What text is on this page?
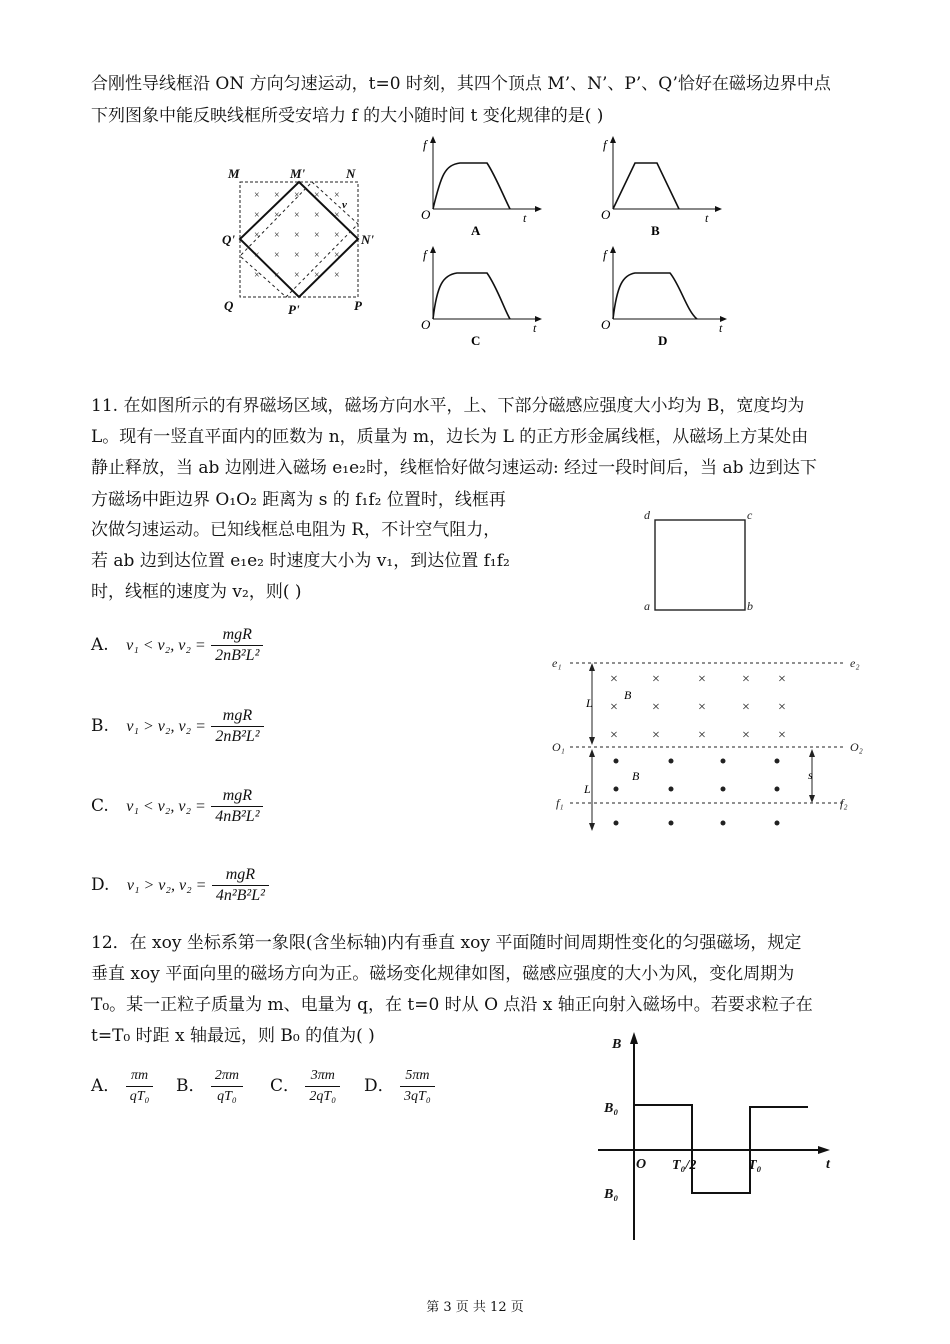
合刚性导线框沿 ON 方向匀速运动，t=0 时刻，其四个顶点 M’、N’、P’、Q’恰好在磁场边界中点
下列图象中能反映线框所受安培力 f 的大小随时间 t 变化规律的是( )
× × × × ×
× × × × ×
× × × × ×
× × × × ×
× × × × ×
M	M'	N
N'
Q'
Q	P'	P
v
f
O	t
A
f
O	t
B
f
O	t
C
f
O	t
D
11. 在如图所示的有界磁场区域，磁场方向水平，上、下部分磁感应强度大小均为 B，宽度均为
L。现有一竖直平面内的匝数为 n，质量为 m，边长为 L 的正方形金属线框，从磁场上方某处由
静止释放，当 ab 边刚进入磁场 e₁e₂时，线框恰好做匀速运动: 经过一段时间后，当 ab 边到达下
方磁场中距边界 O₁O₂ 距离为 s 的 f₁f₂ 位置时，线框再
次做匀速运动。已知线框总电阻为 R，不计空气阻力，
若 ab 边到达位置 e₁e₂ 时速度大小为 v₁，到达位置 f₁f₂
时，线框的速度为 v₂，则( )
A. v₁ < v₂, $v_2 = \frac{\text{mgR}}{\text{2nB²L²}}$
B. v₁ > v₂, $v_2 = \frac{\text{mgR}}{\text{2nB²L²}}$
C. v₁ < v₂, $v_2 = \frac{\text{mgR}}{\text{4nB²L²}}$
D. v₁ > v₂, $v_2 = \frac{\text{mgR}}{\text{4n²B²L²}}$
d	c
a	b
e₁	e₂
O₁	O₂
f₁	f₂
L
L
s
× ×	×	× ×
× ×	×	× ×
× ×	×	× ×
B
B
12．在 xoy 坐标系第一象限(含坐标轴)内有垂直 xoy 平面随时间周期性变化的匀强磁场，规定
垂直 xoy 平面向里的磁场方向为正。磁场变化规律如图，磁感应强度的大小为风，变化周期为
T₀。某一正粒子质量为 m、电量为 q，在 t=0 时从 O 点沿 x 轴正向射入磁场中。若要求粒子在
t=T₀ 时距 x 轴最远，则 B₀ 的值为( )
A． $\frac{\pi m}{\text{qT₀}}$ B． $\frac{2\pi m}{\text{qT₀}}$ C． $\frac{3\pi m}{\text{2qT₀}}$ D． $\frac{5\pi m}{\text{3qT₀}}$
B
B₀
B₀
O T₀/2	T₀	t
第 3 页 共 12 页
